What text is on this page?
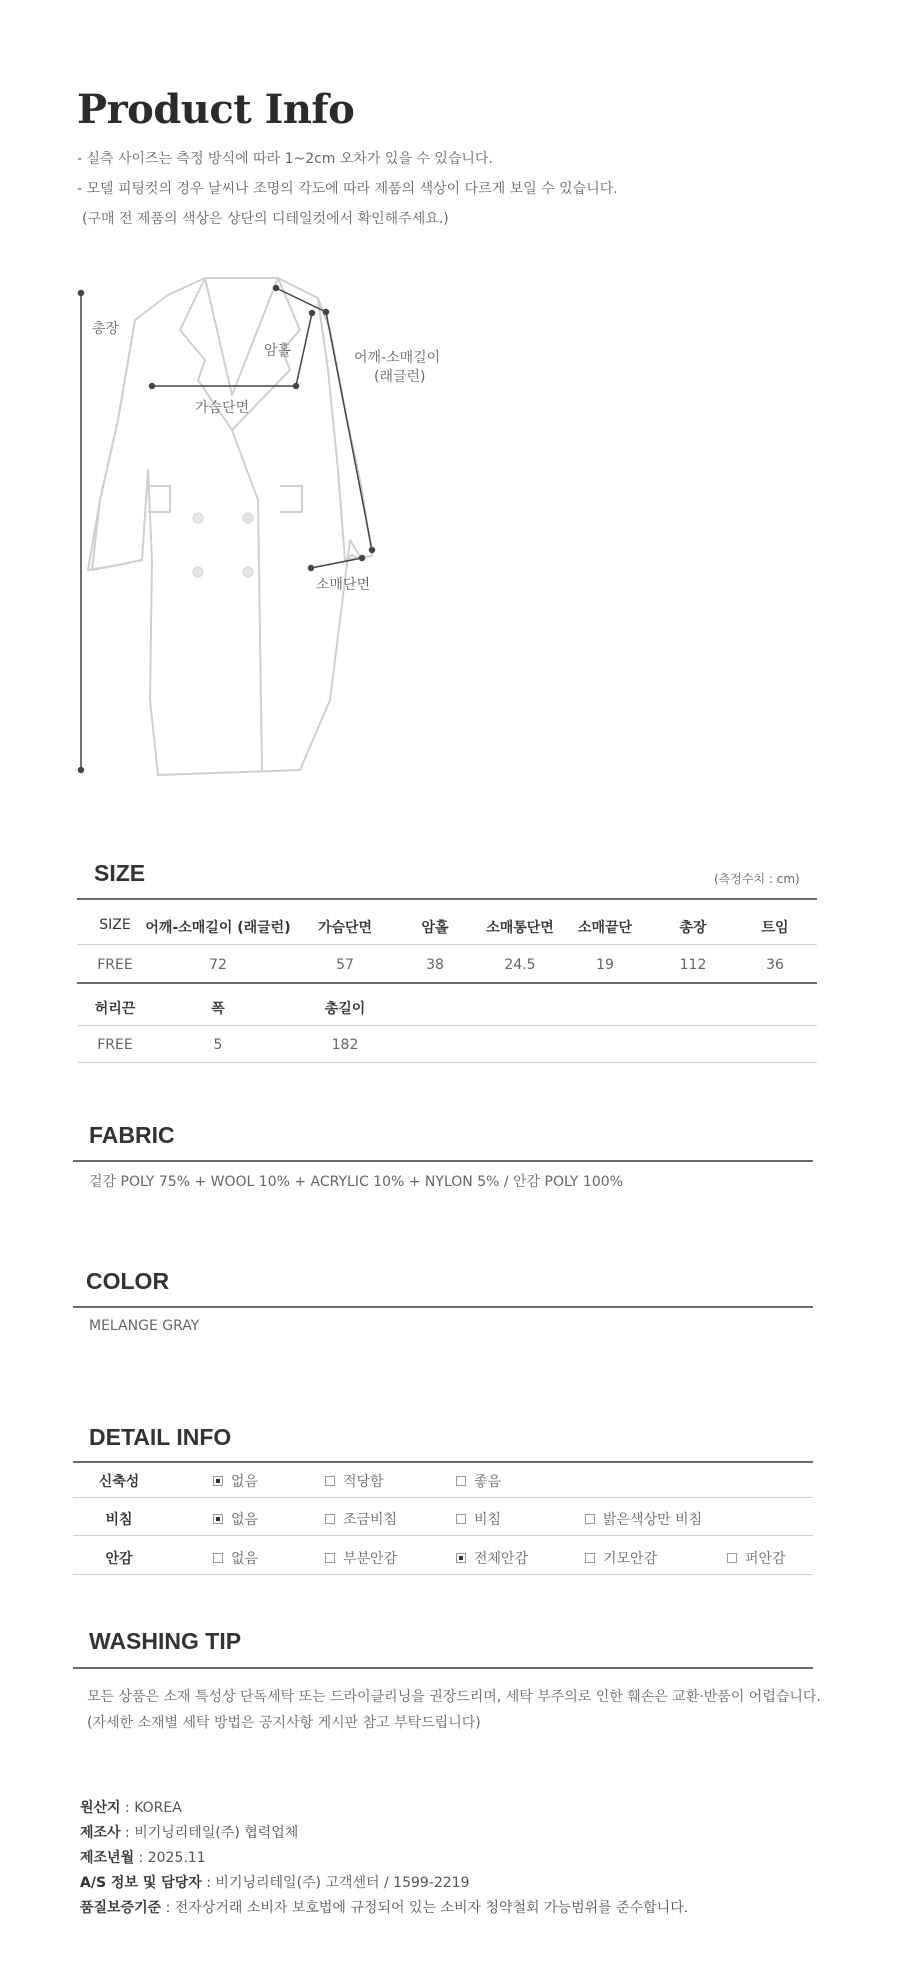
Product Info
- 실측 사이즈는 측정 방식에 따라 1~2cm 오차가 있을 수 있습니다.
- 모델 피팅컷의 경우 날씨나 조명의 각도에 따라 제품의 색상이 다르게 보일 수 있습니다.
(구매 전 제품의 색상은 상단의 디테일컷에서 확인해주세요.)
총장
암홀	어깨-소매길이
(래글런)
가슴단면
소매단면
SIZE	(측정수치 : cm)
SIZE	어깨-소매길이 (래글런)	가슴단면	암홀	소매통단면	소매끝단	총장	트임
FREE	72	57	38	24.5	19	112	36
허리끈	폭	총길이
FREE	5	182
FABRIC
겉감 POLY 75% + WOOL 10% + ACRYLIC 10% + NYLON 5% / 안감 POLY 100%
COLOR
MELANGE GRAY
DETAIL INFO
신축성	없음	적당함	좋음
비침	없음	조금비침	비침	밝은색상만 비침
안감	없음	부분안감	전체안감	기모안감	퍼안감
WASHING TIP
모든 상품은 소재 특성상 단독세탁 또는 드라이클리닝을 권장드리며, 세탁 부주의로 인한 훼손은 교환·반품이 어렵습니다.
(자세한 소재별 세탁 방법은 공지사항 게시판 참고 부탁드립니다)
원산지 : KOREA
제조사 : 비기닝리테일(주) 협력업체
제조년월 : 2025.11
A/S 정보 및 담당자 : 비기닝리테일(주) 고객센터 / 1599-2219
품질보증기준 : 전자상거래 소비자 보호법에 규정되어 있는 소비자 청약철회 가능범위를 준수합니다.
